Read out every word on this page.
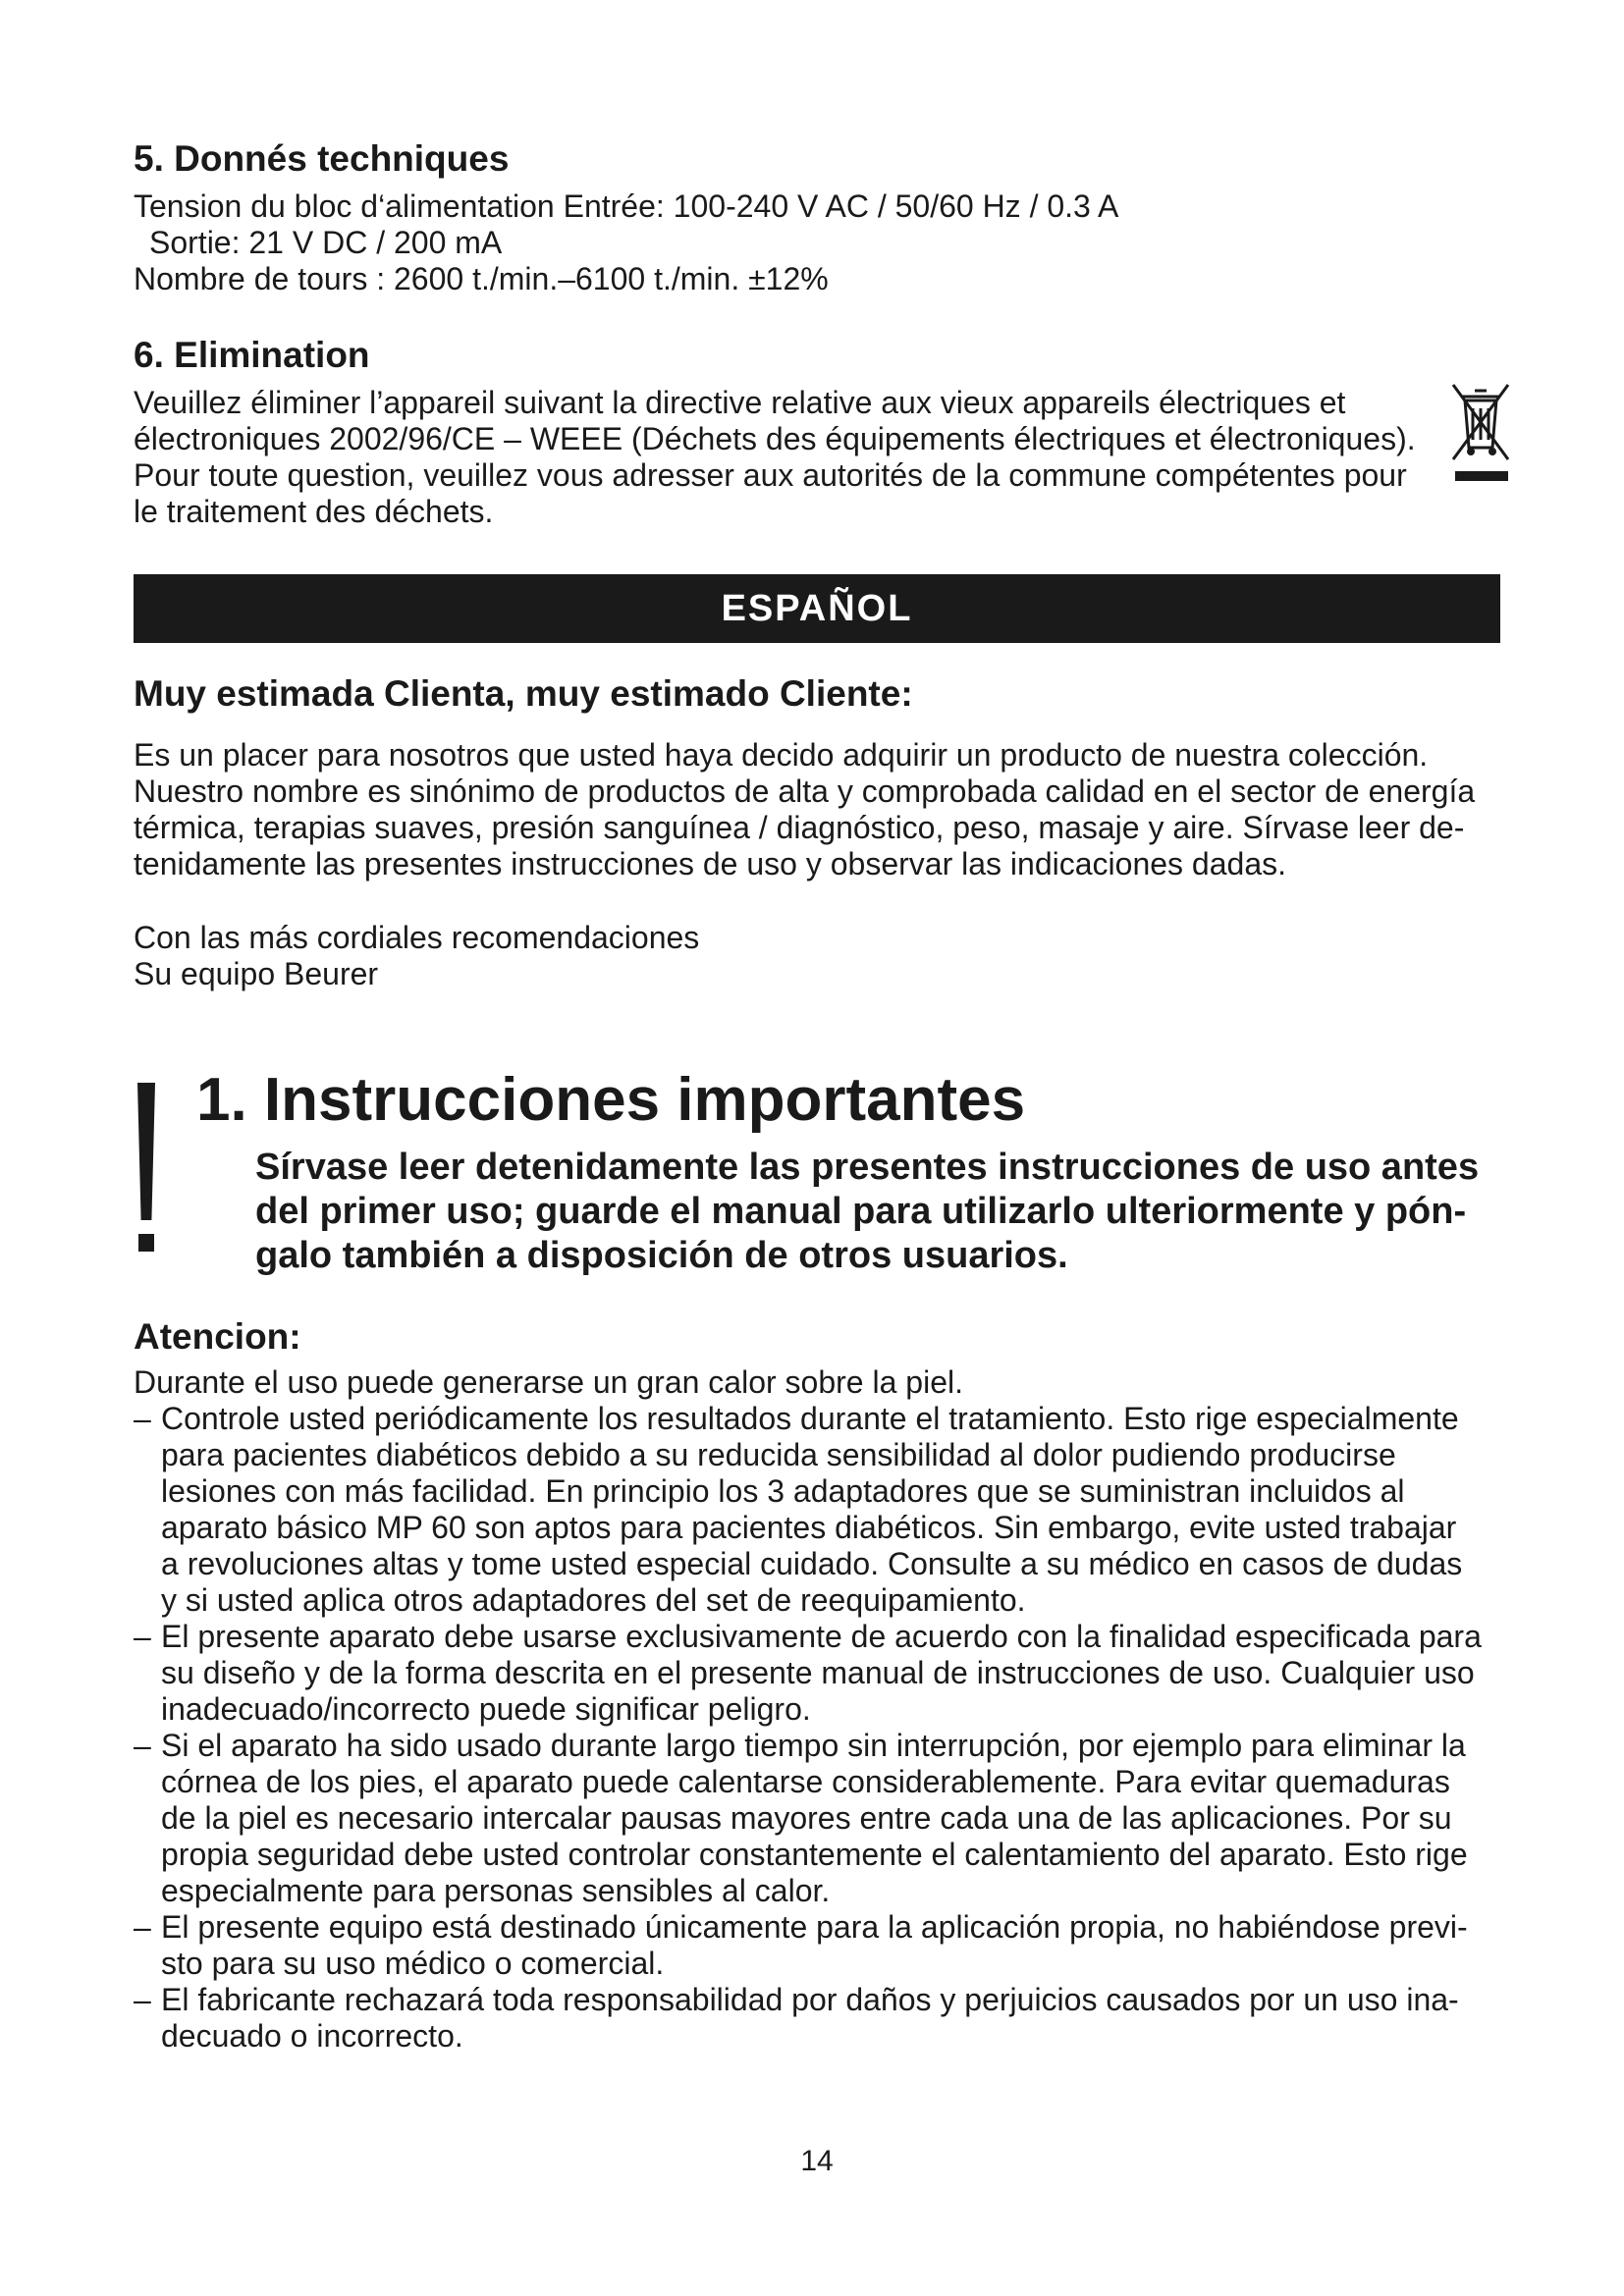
5. Donnés techniques
Tension du bloc d‘alimentation Entrée: 100-240 V AC / 50/60 Hz / 0.3 A
Sortie: 21 V DC / 200 mA
Nombre de tours : 2600 t./min.–6100 t./min. ±12%
6. Elimination
Veuillez éliminer l’appareil suivant la directive relative aux vieux appareils électriques et
électroniques 2002/96/CE – WEEE (Déchets des équipements électriques et électroniques).
Pour toute question, veuillez vous adresser aux autorités de la commune compétentes pour
le traitement des déchets.
ESPAÑOL
Muy estimada Clienta, muy estimado Cliente:
Es un placer para nosotros que usted haya decido adquirir un producto de nuestra colección.
Nuestro nombre es sinónimo de productos de alta y comprobada calidad en el sector de energía
térmica, terapias suaves, presión sanguínea / diagnóstico, peso, masaje y aire. Sírvase leer de-
tenidamente las presentes instrucciones de uso y observar las indicaciones dadas.
Con las más cordiales recomendaciones
Su equipo Beurer
1. Instrucciones importantes
Sírvase leer detenidamente las presentes instrucciones de uso antes
del primer uso; guarde el manual para utilizarlo ulteriormente y pón-
galo también a disposición de otros usuarios.
Atencion:
Durante el uso puede generarse un gran calor sobre la piel.
– Controle usted periódicamente los resultados durante el tratamiento. Esto rige especialmente
para pacientes diabéticos debido a su reducida sensibilidad al dolor pudiendo producirse
lesiones con más facilidad. En principio los 3 adaptadores que se suministran incluidos al
aparato básico MP 60 son aptos para pacientes diabéticos. Sin embargo, evite usted trabajar
a revoluciones altas y tome usted especial cuidado. Consulte a su médico en casos de dudas
y si usted aplica otros adaptadores del set de reequipamiento.
– El presente aparato debe usarse exclusivamente de acuerdo con la finalidad especificada para
su diseño y de la forma descrita en el presente manual de instrucciones de uso. Cualquier uso
inadecuado/incorrecto puede significar peligro.
– Si el aparato ha sido usado durante largo tiempo sin interrupción, por ejemplo para eliminar la
córnea de los pies, el aparato puede calentarse considerablemente. Para evitar quemaduras
de la piel es necesario intercalar pausas mayores entre cada una de las aplicaciones. Por su
propia seguridad debe usted controlar constantemente el calentamiento del aparato. Esto rige
especialmente para personas sensibles al calor.
– El presente equipo está destinado únicamente para la aplicación propia, no habiéndose previ-
sto para su uso médico o comercial.
– El fabricante rechazará toda responsabilidad por daños y perjuicios causados por un uso ina-
decuado o incorrecto.
14
